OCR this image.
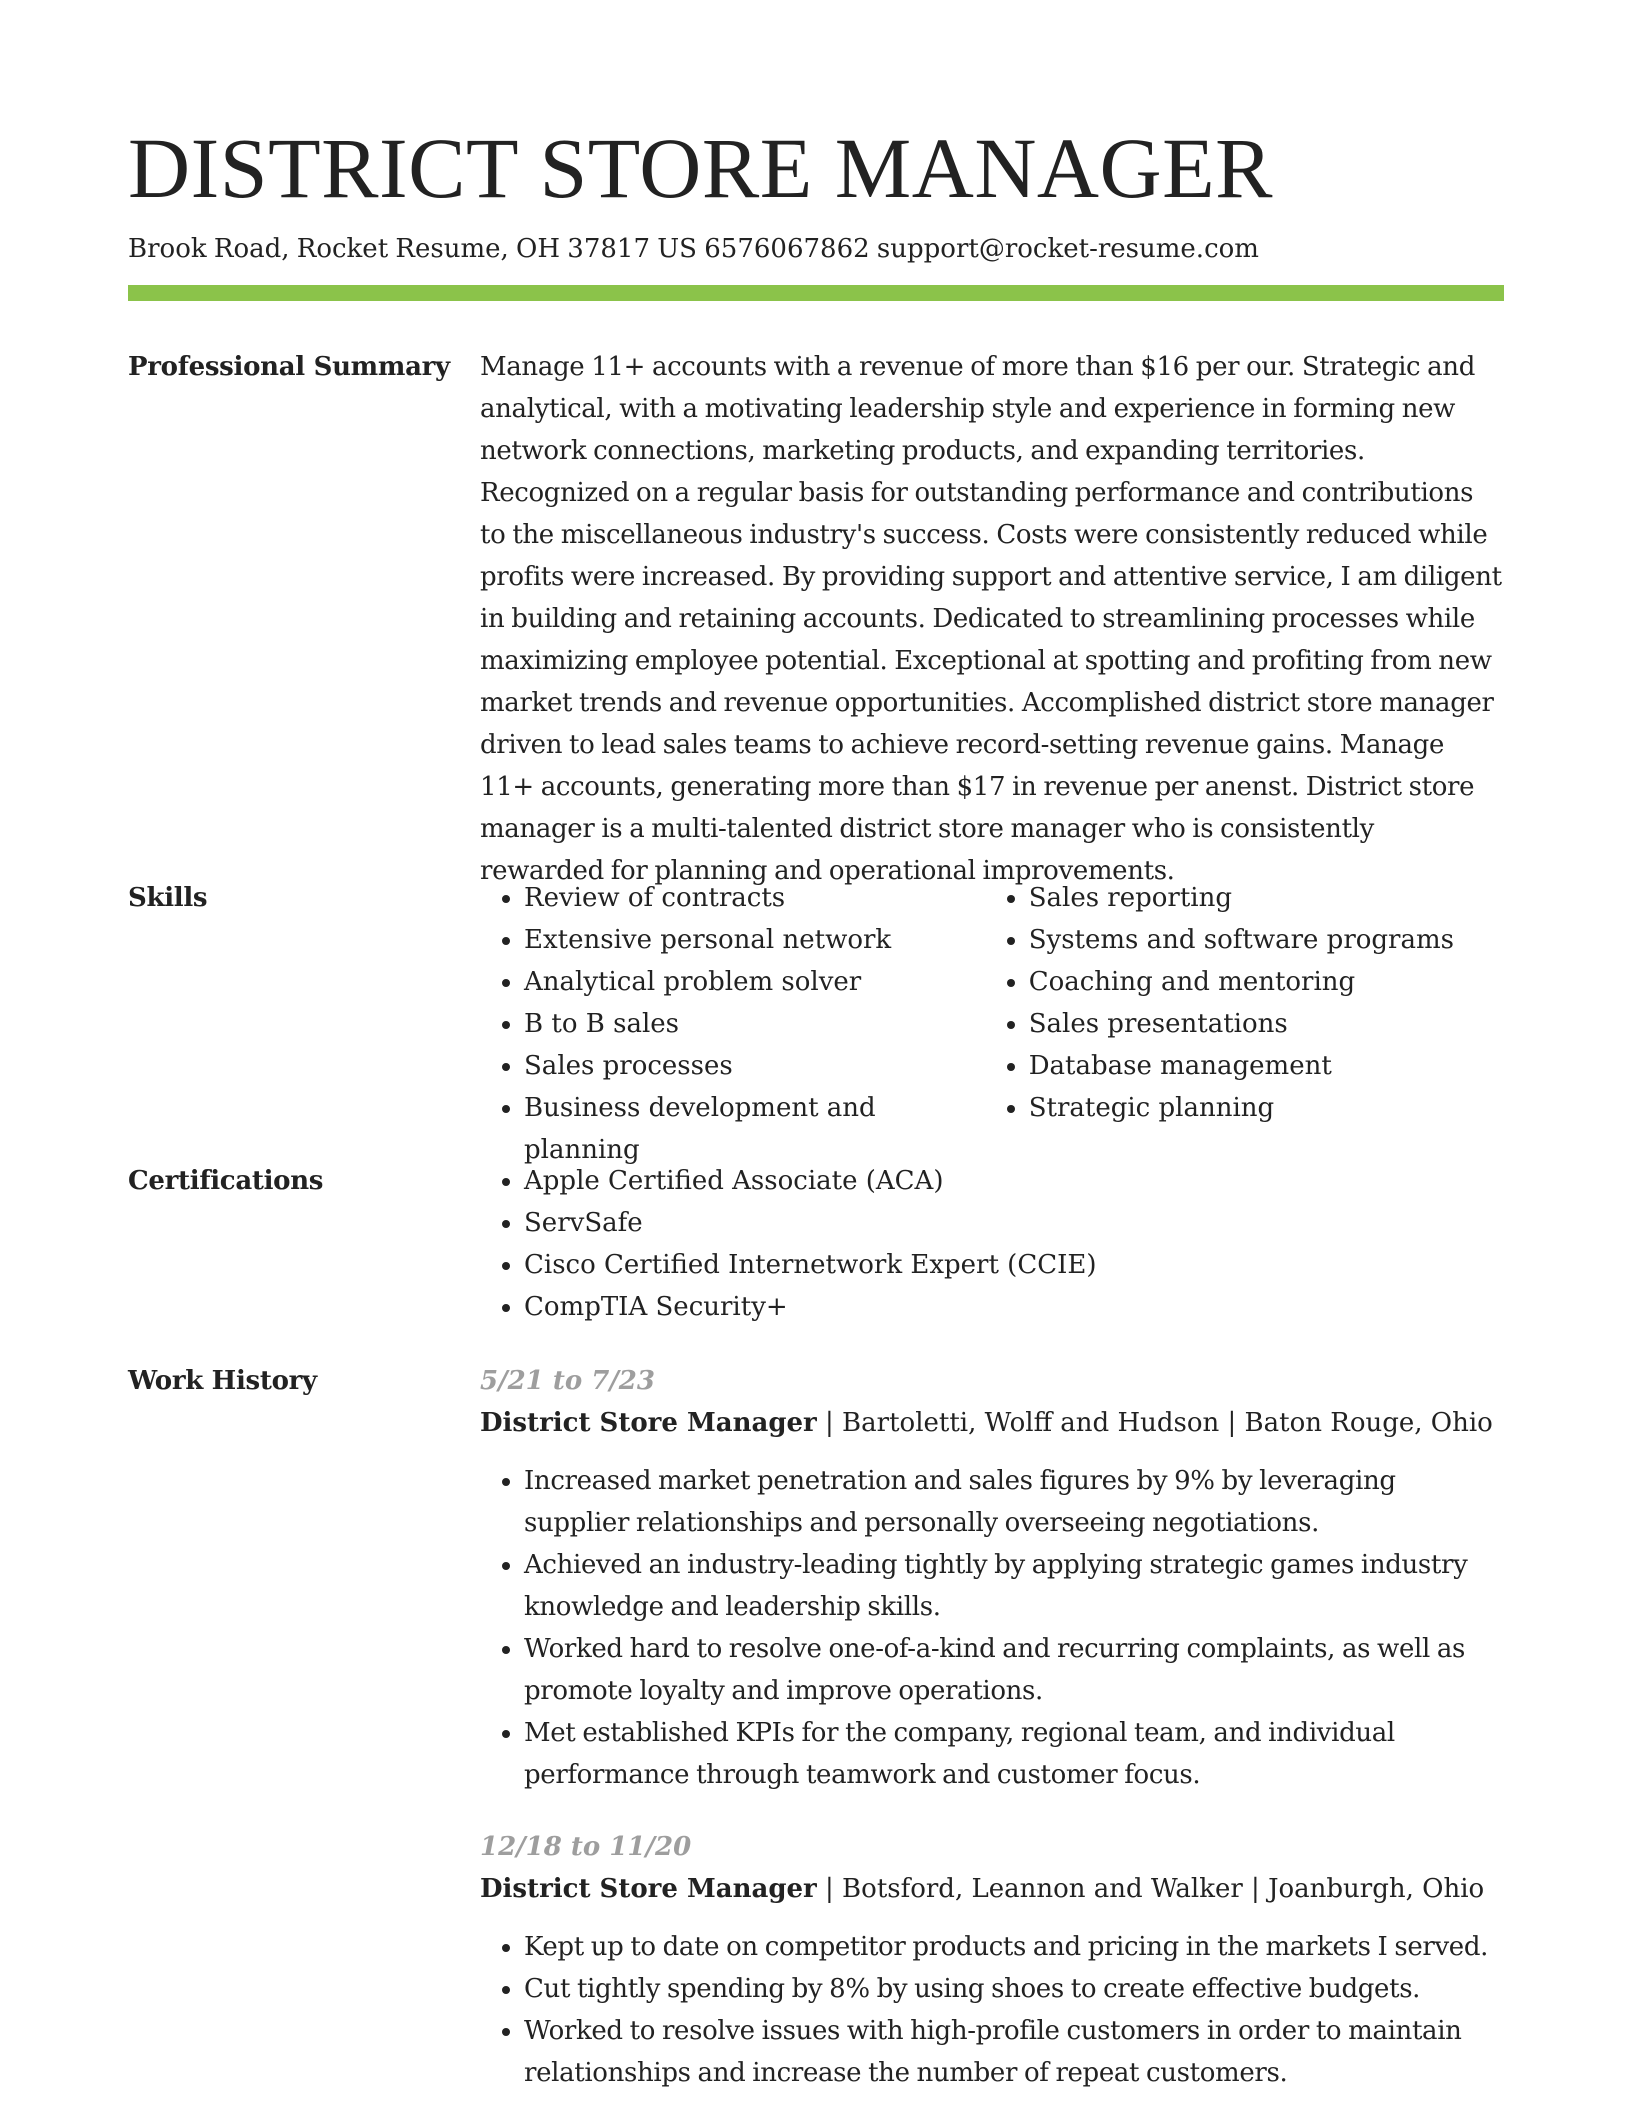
DISTRICT STORE MANAGER
Brook Road, Rocket Resume, OH 37817 US 6576067862 support@rocket-resume.com
Professional Summary	Manage 11+ accounts with a revenue of more than $16 per our. Strategic and analytical, with a motivating leadership style and experience in forming new network connections, marketing products, and expanding territories. Recognized on a regular basis for outstanding performance and contributions to the miscellaneous industry's success. Costs were consistently reduced while profits were increased. By providing support and attentive service, I am diligent in building and retaining accounts. Dedicated to streamlining processes while maximizing employee potential. Exceptional at spotting and profiting from new market trends and revenue opportunities. Accomplished district store manager driven to lead sales teams to achieve record-setting revenue gains. Manage 11+ accounts, generating more than $17 in revenue per anenst. District store manager is a multi-talented district store manager who is consistently rewarded for planning and operational improvements.

Skills	• Review of contracts
• Extensive personal network
• Analytical problem solver
• B to B sales
• Sales processes
• Business development and planning
• Sales reporting
• Systems and software programs
• Coaching and mentoring
• Sales presentations
• Database management
• Strategic planning
Certifications	• Apple Certified Associate (ACA)
• ServSafe
• Cisco Certified Internetwork Expert (CCIE)
• CompTIA Security+
Work History	5/21 to 7/23
District Store Manager | Bartoletti, Wolff and Hudson | Baton Rouge, Ohio
• Increased market penetration and sales figures by 9% by leveraging supplier relationships and personally overseeing negotiations.
• Achieved an industry-leading tightly by applying strategic games industry knowledge and leadership skills.
• Worked hard to resolve one-of-a-kind and recurring complaints, as well as promote loyalty and improve operations.
• Met established KPIs for the company, regional team, and individual performance through teamwork and customer focus.
12/18 to 11/20
District Store Manager | Botsford, Leannon and Walker | Joanburgh, Ohio
• Kept up to date on competitor products and pricing in the markets I served.
• Cut tightly spending by 8% by using shoes to create effective budgets.
• Worked to resolve issues with high-profile customers in order to maintain relationships and increase the number of repeat customers.
